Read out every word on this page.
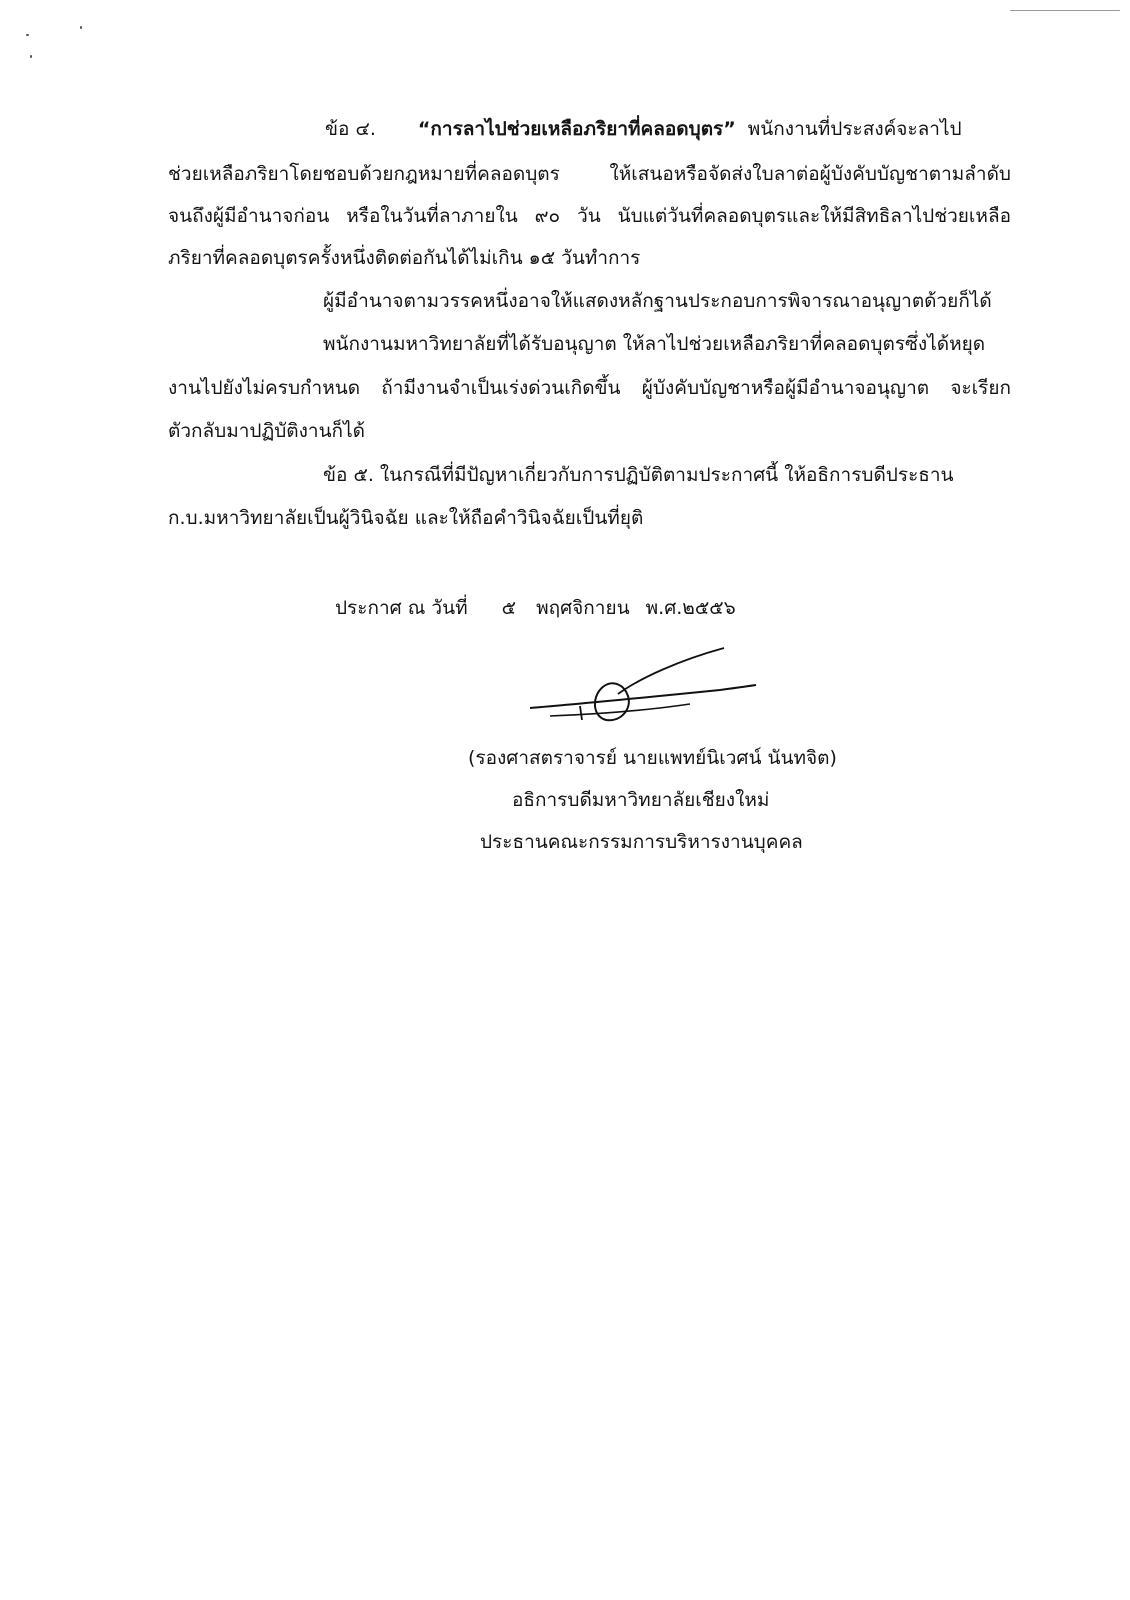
ข้อ ๔. “การลาไปช่วยเหลือภริยาที่คลอดบุตร” พนักงานที่ประสงค์จะลาไป
ช่วยเหลือภริยาโดยชอบด้วยกฎหมายที่คลอดบุตร ให้เสนอหรือจัดส่งใบลาต่อผู้บังคับบัญชาตามลำดับ
จนถึงผู้มีอำนาจก่อน หรือในวันที่ลาภายใน ๙๐ วัน นับแต่วันที่คลอดบุตรและให้มีสิทธิลาไปช่วยเหลือ
ภริยาที่คลอดบุตรครั้งหนึ่งติดต่อกันได้ไม่เกิน ๑๕ วันทำการ
ผู้มีอำนาจตามวรรคหนึ่งอาจให้แสดงหลักฐานประกอบการพิจารณาอนุญาตด้วยก็ได้
พนักงานมหาวิทยาลัยที่ได้รับอนุญาต ให้ลาไปช่วยเหลือภริยาที่คลอดบุตรซึ่งได้หยุด
งานไปยังไม่ครบกำหนด ถ้ามีงานจำเป็นเร่งด่วนเกิดขึ้น ผู้บังคับบัญชาหรือผู้มีอำนาจอนุญาต จะเรียก
ตัวกลับมาปฏิบัติงานก็ได้
ข้อ ๕. ในกรณีที่มีปัญหาเกี่ยวกับการปฏิบัติตามประกาศนี้ ให้อธิการบดีประธาน
ก.บ.มหาวิทยาลัยเป็นผู้วินิจฉัย และให้ถือคำวินิจฉัยเป็นที่ยุติ
ประกาศ ณ วันที่ ๕ พฤศจิกายน พ.ศ.๒๕๕๖
(รองศาสตราจารย์ นายแพทย์นิเวศน์ นันทจิต)
อธิการบดีมหาวิทยาลัยเชียงใหม่
ประธานคณะกรรมการบริหารงานบุคคล
